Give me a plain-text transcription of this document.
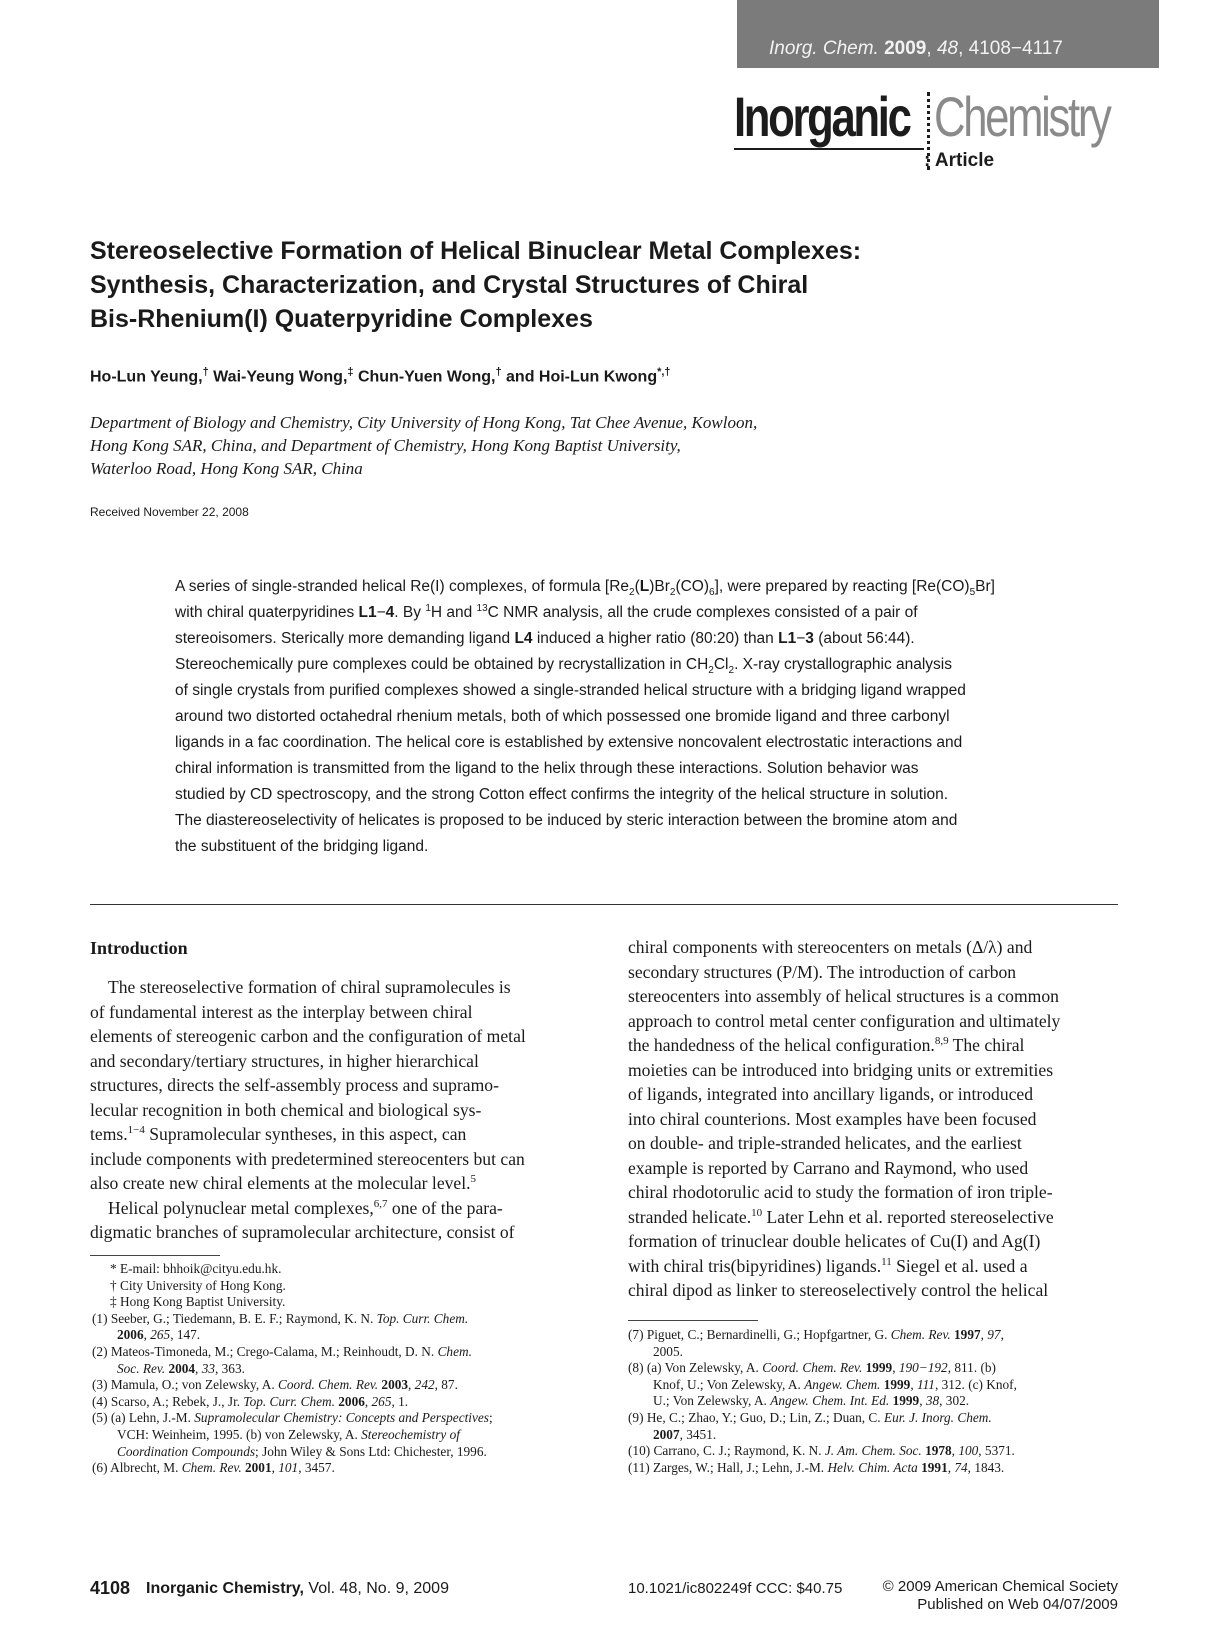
Inorg. Chem. 2009, 48, 4108−4117
Inorganic Chemistry
: Article
Stereoselective Formation of Helical Binuclear Metal Complexes:
Synthesis, Characterization, and Crystal Structures of Chiral
Bis-Rhenium(I) Quaterpyridine Complexes
Ho-Lun Yeung,† Wai-Yeung Wong,‡ Chun-Yuen Wong,† and Hoi-Lun Kwong*,†
Department of Biology and Chemistry, City University of Hong Kong, Tat Chee Avenue, Kowloon,
Hong Kong SAR, China, and Department of Chemistry, Hong Kong Baptist University,
Waterloo Road, Hong Kong SAR, China
Received November 22, 2008
A series of single-stranded helical Re(I) complexes, of formula $[Re_2(L)Br_2(CO)_6]$, were prepared by reacting $[Re(CO)_5Br]$
with chiral quaterpyridines L1−4. By $^1$H and $^{13}$C NMR analysis, all the crude complexes consisted of a pair of
stereoisomers. Sterically more demanding ligand L4 induced a higher ratio (80:20) than L1−3 (about 56:44).
Stereochemically pure complexes could be obtained by recrystallization in $CH_2Cl_2$. X-ray crystallographic analysis
of single crystals from purified complexes showed a single-stranded helical structure with a bridging ligand wrapped
around two distorted octahedral rhenium metals, both of which possessed one bromide ligand and three carbonyl
ligands in a fac coordination. The helical core is established by extensive noncovalent electrostatic interactions and
chiral information is transmitted from the ligand to the helix through these interactions. Solution behavior was
studied by CD spectroscopy, and the strong Cotton effect confirms the integrity of the helical structure in solution.
The diastereoselectivity of helicates is proposed to be induced by steric interaction between the bromine atom and
the substituent of the bridging ligand.
Introduction
The stereoselective formation of chiral supramolecules is
of fundamental interest as the interplay between chiral
elements of stereogenic carbon and the configuration of metal
and secondary/tertiary structures, in higher hierarchical
structures, directs the self-assembly process and supramo-
lecular recognition in both chemical and biological sys-
tems.$^{1-4}$ Supramolecular syntheses, in this aspect, can
include components with predetermined stereocenters but can
also create new chiral elements at the molecular level.$^5$
Helical polynuclear metal complexes,$^{6,7}$ one of the para-
digmatic branches of supramolecular architecture, consist of
chiral components with stereocenters on metals (Δ/λ) and
secondary structures (P/M). The introduction of carbon
stereocenters into assembly of helical structures is a common
approach to control metal center configuration and ultimately
the handedness of the helical configuration.$^{8,9}$ The chiral
moieties can be introduced into bridging units or extremities
of ligands, integrated into ancillary ligands, or introduced
into chiral counterions. Most examples have been focused
on double- and triple-stranded helicates, and the earliest
example is reported by Carrano and Raymond, who used
chiral rhodotorulic acid to study the formation of iron triple-
stranded helicate.$^{10}$ Later Lehn et al. reported stereoselective
formation of trinuclear double helicates of Cu(I) and Ag(I)
with chiral tris(bipyridines) ligands.$^{11}$ Siegel et al. used a
chiral dipod as linker to stereoselectively control the helical
* E-mail: bhhoik@cityu.edu.hk.
† City University of Hong Kong.
‡ Hong Kong Baptist University.
(1) Seeber, G.; Tiedemann, B. E. F.; Raymond, K. N. Top. Curr. Chem.
2006, 265, 147.
(2) Mateos-Timoneda, M.; Crego-Calama, M.; Reinhoudt, D. N. Chem.
Soc. Rev. 2004, 33, 363.
(3) Mamula, O.; von Zelewsky, A. Coord. Chem. Rev. 2003, 242, 87.
(4) Scarso, A.; Rebek, J., Jr. Top. Curr. Chem. 2006, 265, 1.
(5) (a) Lehn, J.-M. Supramolecular Chemistry: Concepts and Perspectives;
VCH: Weinheim, 1995. (b) von Zelewsky, A. Stereochemistry of
Coordination Compounds; John Wiley & Sons Ltd: Chichester, 1996.
(6) Albrecht, M. Chem. Rev. 2001, 101, 3457.
(7) Piguet, C.; Bernardinelli, G.; Hopfgartner, G. Chem. Rev. 1997, 97,
2005.
(8) (a) Von Zelewsky, A. Coord. Chem. Rev. 1999, 190−192, 811. (b)
Knof, U.; Von Zelewsky, A. Angew. Chem. 1999, 111, 312. (c) Knof,
U.; Von Zelewsky, A. Angew. Chem. Int. Ed. 1999, 38, 302.
(9) He, C.; Zhao, Y.; Guo, D.; Lin, Z.; Duan, C. Eur. J. Inorg. Chem.
2007, 3451.
(10) Carrano, C. J.; Raymond, K. N. J. Am. Chem. Soc. 1978, 100, 5371.
(11) Zarges, W.; Hall, J.; Lehn, J.-M. Helv. Chim. Acta 1991, 74, 1843.
4108 Inorganic Chemistry, Vol. 48, No. 9, 2009	10.1021/ic802249f CCC: $40.75	© 2009 American Chemical Society
Published on Web 04/07/2009
